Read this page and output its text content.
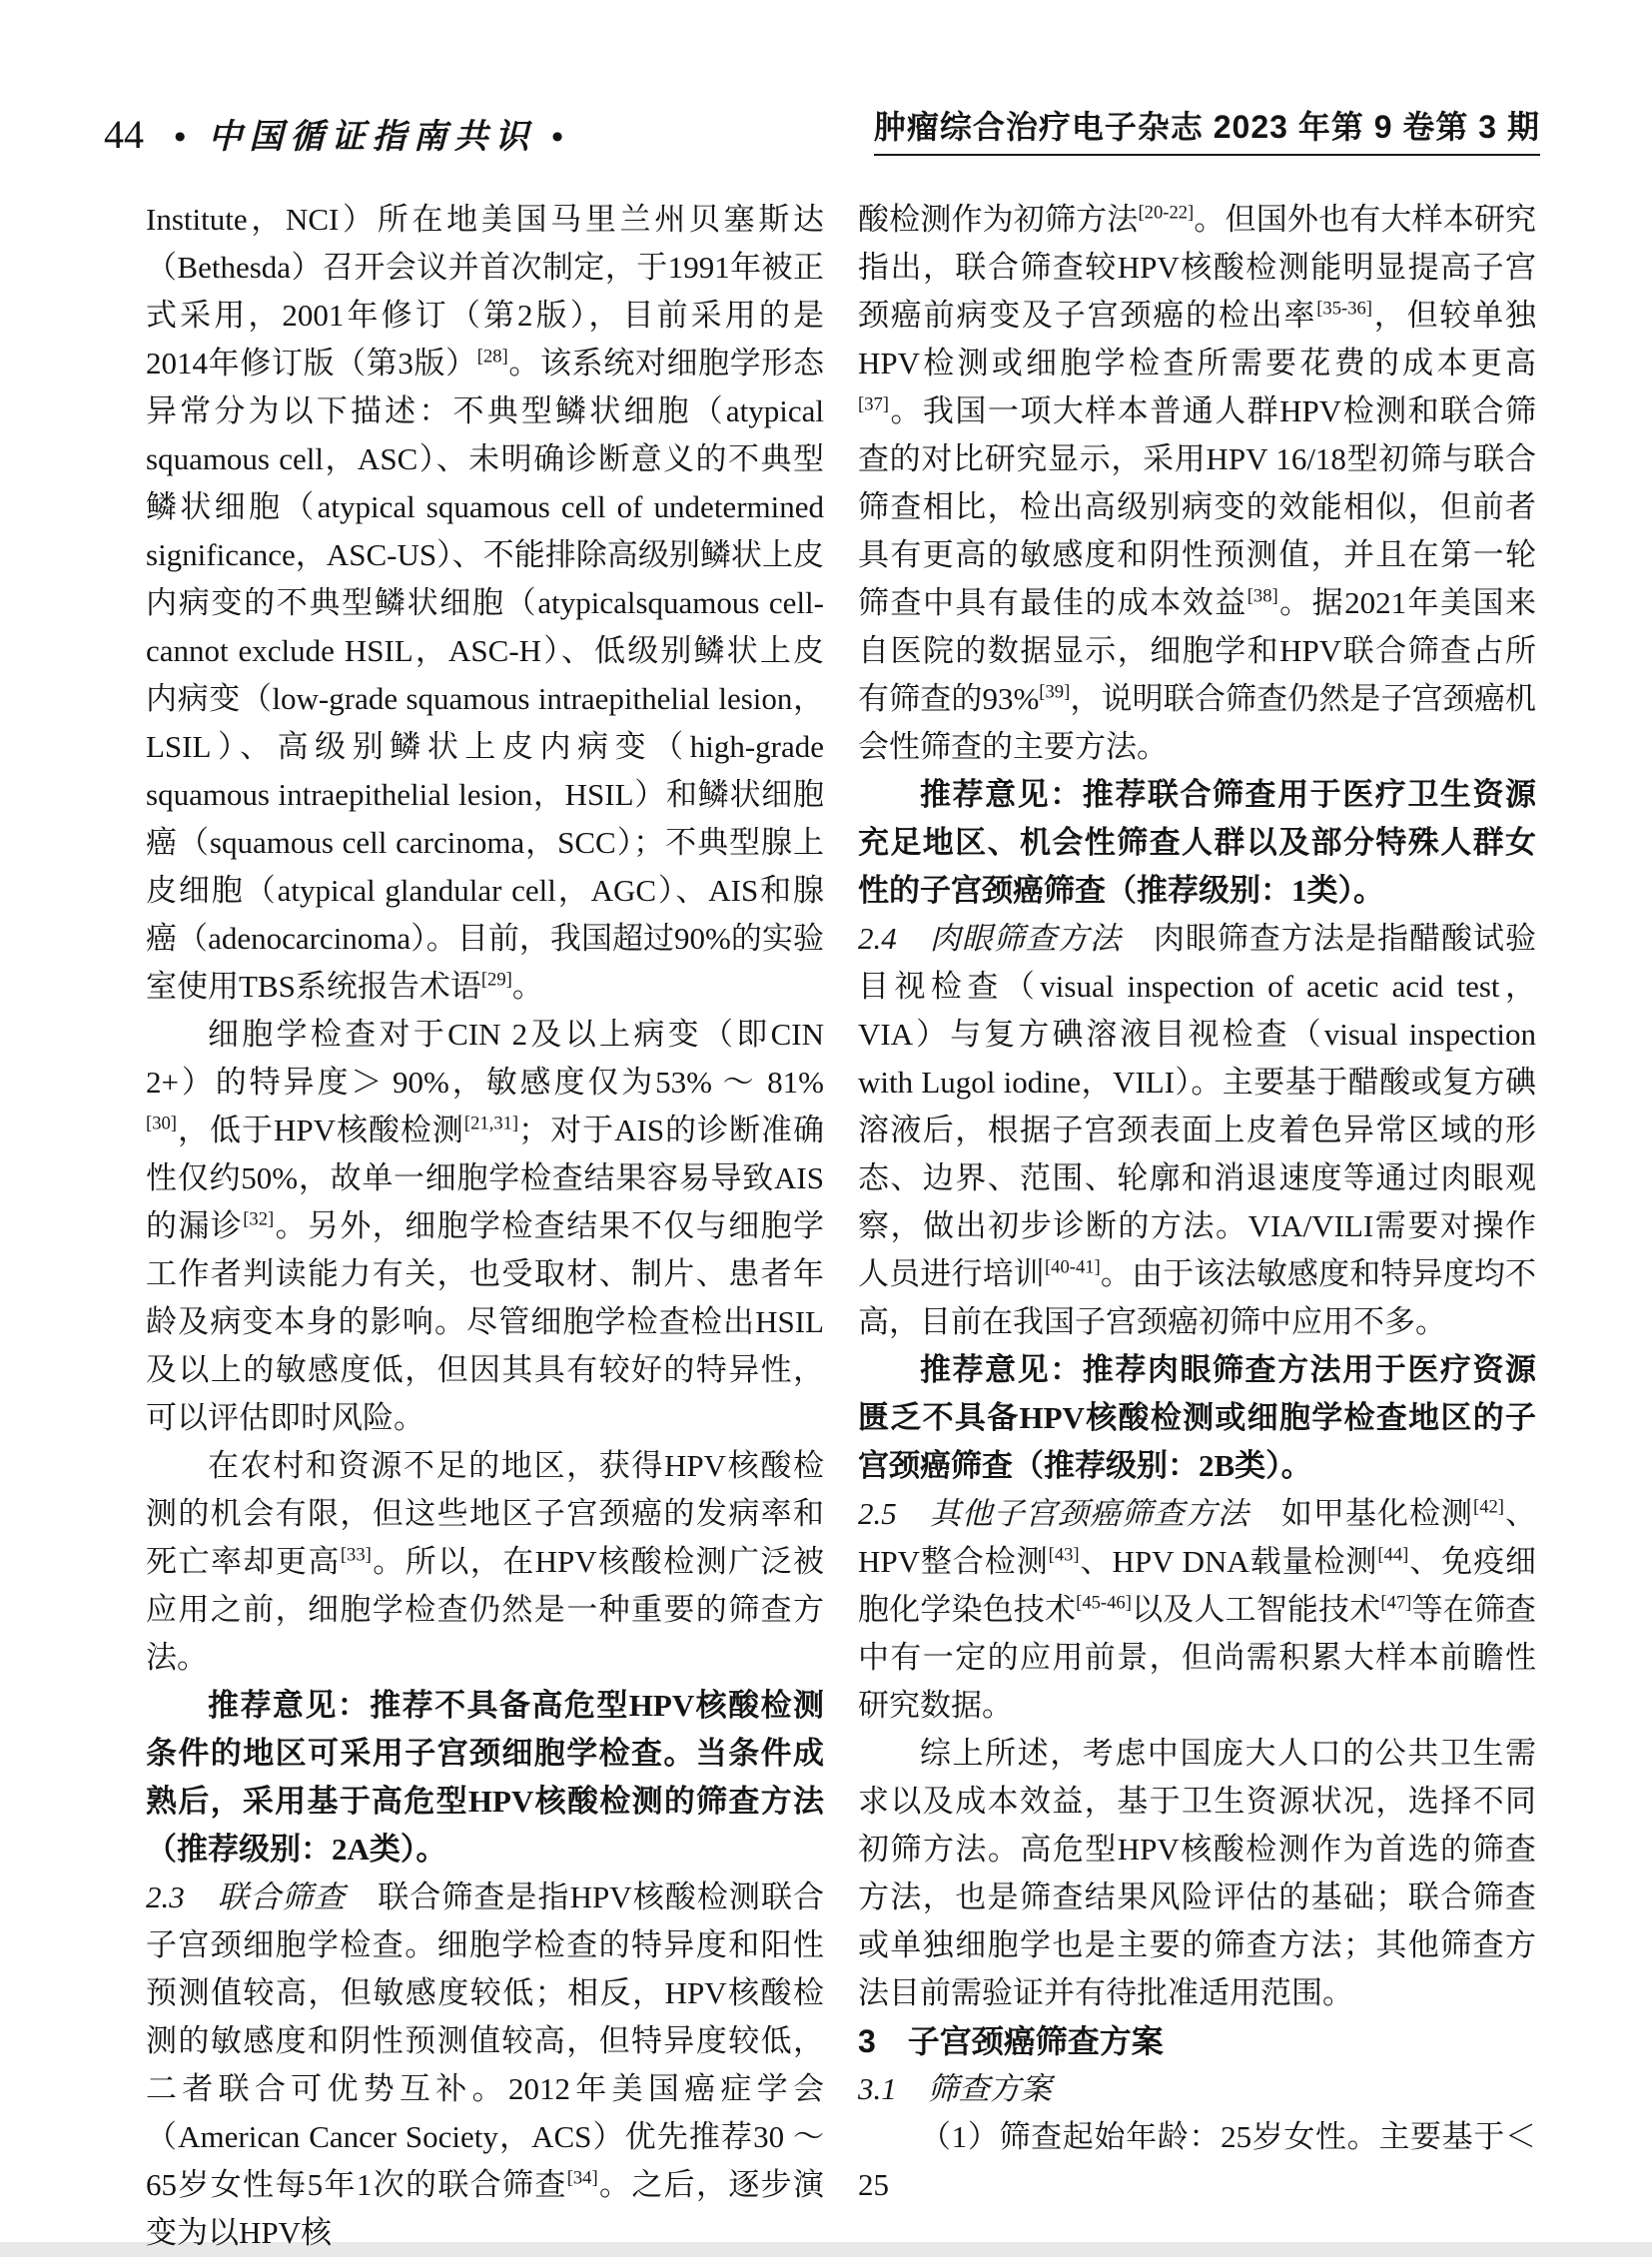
44 • 中国循证指南共识 •	肿瘤综合治疗电子杂志 2023 年第 9 卷第 3 期

Institute，NCI）所在地美国马里兰州贝塞斯达（Bethesda）召开会议并首次制定，于1991年被正式采用，2001年修订（第2版），目前采用的是2014年修订版（第3版）[28]。该系统对细胞学形态异常分为以下描述：不典型鳞状细胞（atypical squamous cell，ASC）、未明确诊断意义的不典型鳞状细胞（atypical squamous cell of undetermined significance，ASC-US）、不能排除高级别鳞状上皮内病变的不典型鳞状细胞（atypicalsquamous cell-cannot exclude HSIL，ASC-H）、低级别鳞状上皮内病变（low-grade squamous intraepithelial lesion，LSIL）、高级别鳞状上皮内病变（high-grade squamous intraepithelial lesion，HSIL）和鳞状细胞癌（squamous cell carcinoma，SCC）；不典型腺上皮细胞（atypical glandular cell，AGC）、AIS和腺癌（adenocarcinoma）。目前，我国超过90%的实验室使用TBS系统报告术语[29]。

细胞学检查对于CIN 2及以上病变（即CIN 2+）的特异度＞ 90%，敏感度仅为53% ～ 81%[30]，低于HPV核酸检测[21,31]；对于AIS的诊断准确性仅约50%，故单一细胞学检查结果容易导致AIS的漏诊[32]。另外，细胞学检查结果不仅与细胞学工作者判读能力有关，也受取材、制片、患者年龄及病变本身的影响。尽管细胞学检查检出HSIL及以上的敏感度低，但因其具有较好的特异性，可以评估即时风险。

在农村和资源不足的地区，获得HPV核酸检测的机会有限，但这些地区子宫颈癌的发病率和死亡率却更高[33]。所以，在HPV核酸检测广泛被应用之前，细胞学检查仍然是一种重要的筛查方法。

推荐意见：推荐不具备高危型HPV核酸检测条件的地区可采用子宫颈细胞学检查。当条件成熟后，采用基于高危型HPV核酸检测的筛查方法（推荐级别：2A类）。

2.3　联合筛查　联合筛查是指HPV核酸检测联合子宫颈细胞学检查。细胞学检查的特异度和阳性预测值较高，但敏感度较低；相反，HPV核酸检测的敏感度和阴性预测值较高，但特异度较低，二者联合可优势互补。2012年美国癌症学会（American Cancer Society，ACS）优先推荐30 ～ 65岁女性每5年1次的联合筛查[34]。之后，逐步演变为以HPV核

酸检测作为初筛方法[20-22]。但国外也有大样本研究指出，联合筛查较HPV核酸检测能明显提高子宫颈癌前病变及子宫颈癌的检出率[35-36]，但较单独HPV检测或细胞学检查所需要花费的成本更高[37]。我国一项大样本普通人群HPV检测和联合筛查的对比研究显示，采用HPV 16/18型初筛与联合筛查相比，检出高级别病变的效能相似，但前者具有更高的敏感度和阴性预测值，并且在第一轮筛查中具有最佳的成本效益[38]。据2021年美国来自医院的数据显示，细胞学和HPV联合筛查占所有筛查的93%[39]，说明联合筛查仍然是子宫颈癌机会性筛查的主要方法。

推荐意见：推荐联合筛查用于医疗卫生资源充足地区、机会性筛查人群以及部分特殊人群女性的子宫颈癌筛查（推荐级别：1类）。

2.4　肉眼筛查方法　肉眼筛查方法是指醋酸试验目视检查（visual inspection of acetic acid test，VIA）与复方碘溶液目视检查（visual inspection with Lugol iodine，VILI）。主要基于醋酸或复方碘溶液后，根据子宫颈表面上皮着色异常区域的形态、边界、范围、轮廓和消退速度等通过肉眼观察，做出初步诊断的方法。VIA/VILI需要对操作人员进行培训[40-41]。由于该法敏感度和特异度均不高，目前在我国子宫颈癌初筛中应用不多。

推荐意见：推荐肉眼筛查方法用于医疗资源匮乏不具备HPV核酸检测或细胞学检查地区的子宫颈癌筛查（推荐级别：2B类）。

2.5　其他子宫颈癌筛查方法　如甲基化检测[42]、HPV整合检测[43]、HPV DNA载量检测[44]、免疫细胞化学染色技术[45-46]以及人工智能技术[47]等在筛查中有一定的应用前景，但尚需积累大样本前瞻性研究数据。

综上所述，考虑中国庞大人口的公共卫生需求以及成本效益，基于卫生资源状况，选择不同初筛方法。高危型HPV核酸检测作为首选的筛查方法，也是筛查结果风险评估的基础；联合筛查或单独细胞学也是主要的筛查方法；其他筛查方法目前需验证并有待批准适用范围。

3　子宫颈癌筛查方案

3.1　筛查方案

（1）筛查起始年龄：25岁女性。主要基于＜ 25
